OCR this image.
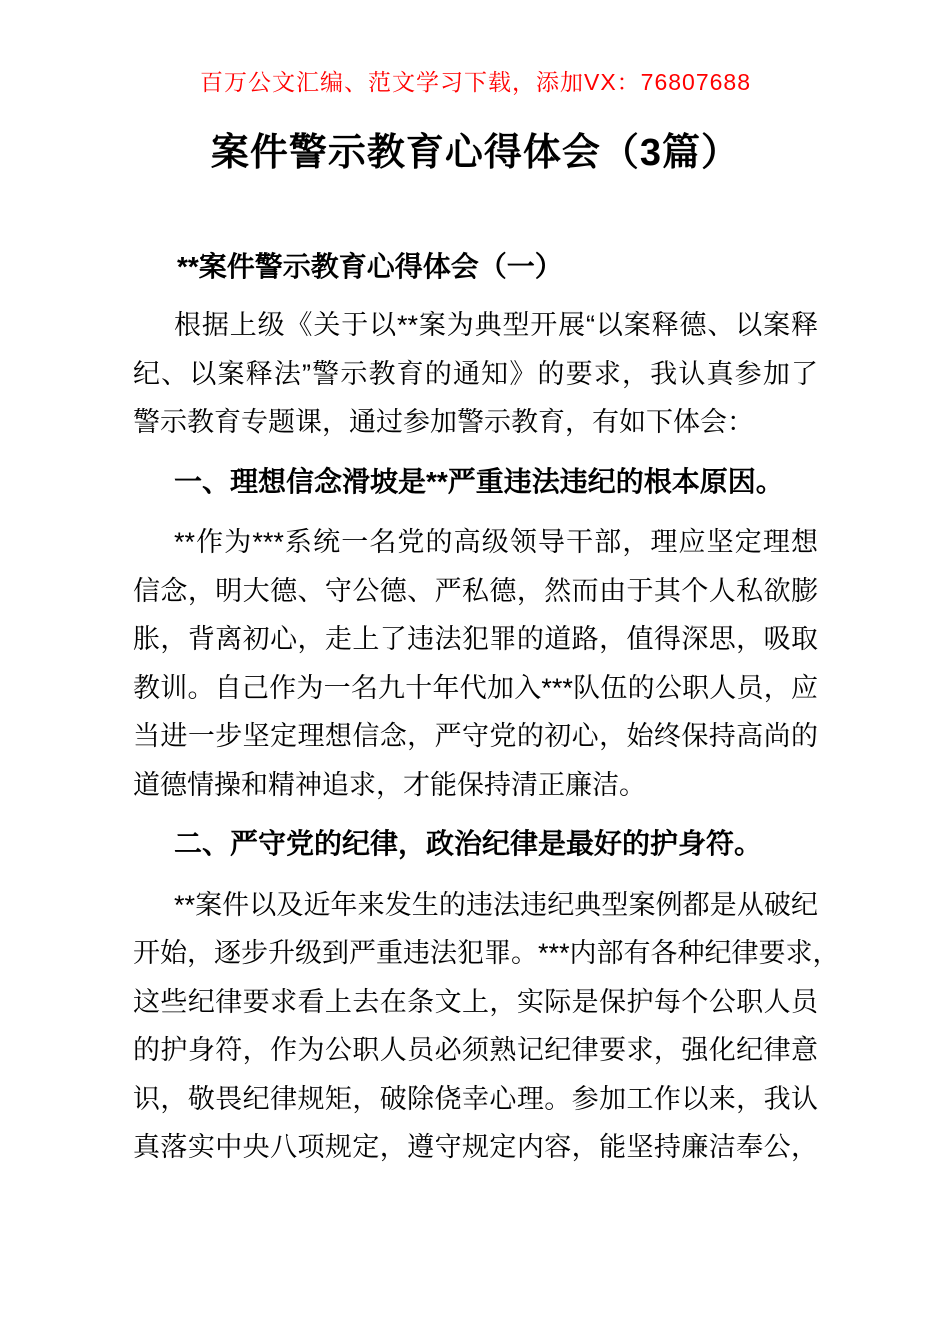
百万公文汇编、范文学习下载，添加VX：76807688
案件警示教育心得体会（3篇）
**案件警示教育心得体会（一）
根据上级《关于以**案为典型开展“以案释德、以案释
纪、以案释法”警示教育的通知》的要求，我认真参加了
警示教育专题课，通过参加警示教育，有如下体会：
一、理想信念滑坡是**严重违法违纪的根本原因。
**作为***系统一名党的高级领导干部，理应坚定理想
信念，明大德、守公德、严私德，然而由于其个人私欲膨
胀，背离初心，走上了违法犯罪的道路，值得深思，吸取
教训。自己作为一名九十年代加入***队伍的公职人员，应
当进一步坚定理想信念，严守党的初心，始终保持高尚的
道德情操和精神追求，才能保持清正廉洁。
二、严守党的纪律，政治纪律是最好的护身符。
**案件以及近年来发生的违法违纪典型案例都是从破纪
开始，逐步升级到严重违法犯罪。***内部有各种纪律要求，
这些纪律要求看上去在条文上，实际是保护每个公职人员
的护身符，作为公职人员必须熟记纪律要求，强化纪律意
识，敬畏纪律规矩，破除侥幸心理。参加工作以来，我认
真落实中央八项规定，遵守规定内容，能坚持廉洁奉公，
